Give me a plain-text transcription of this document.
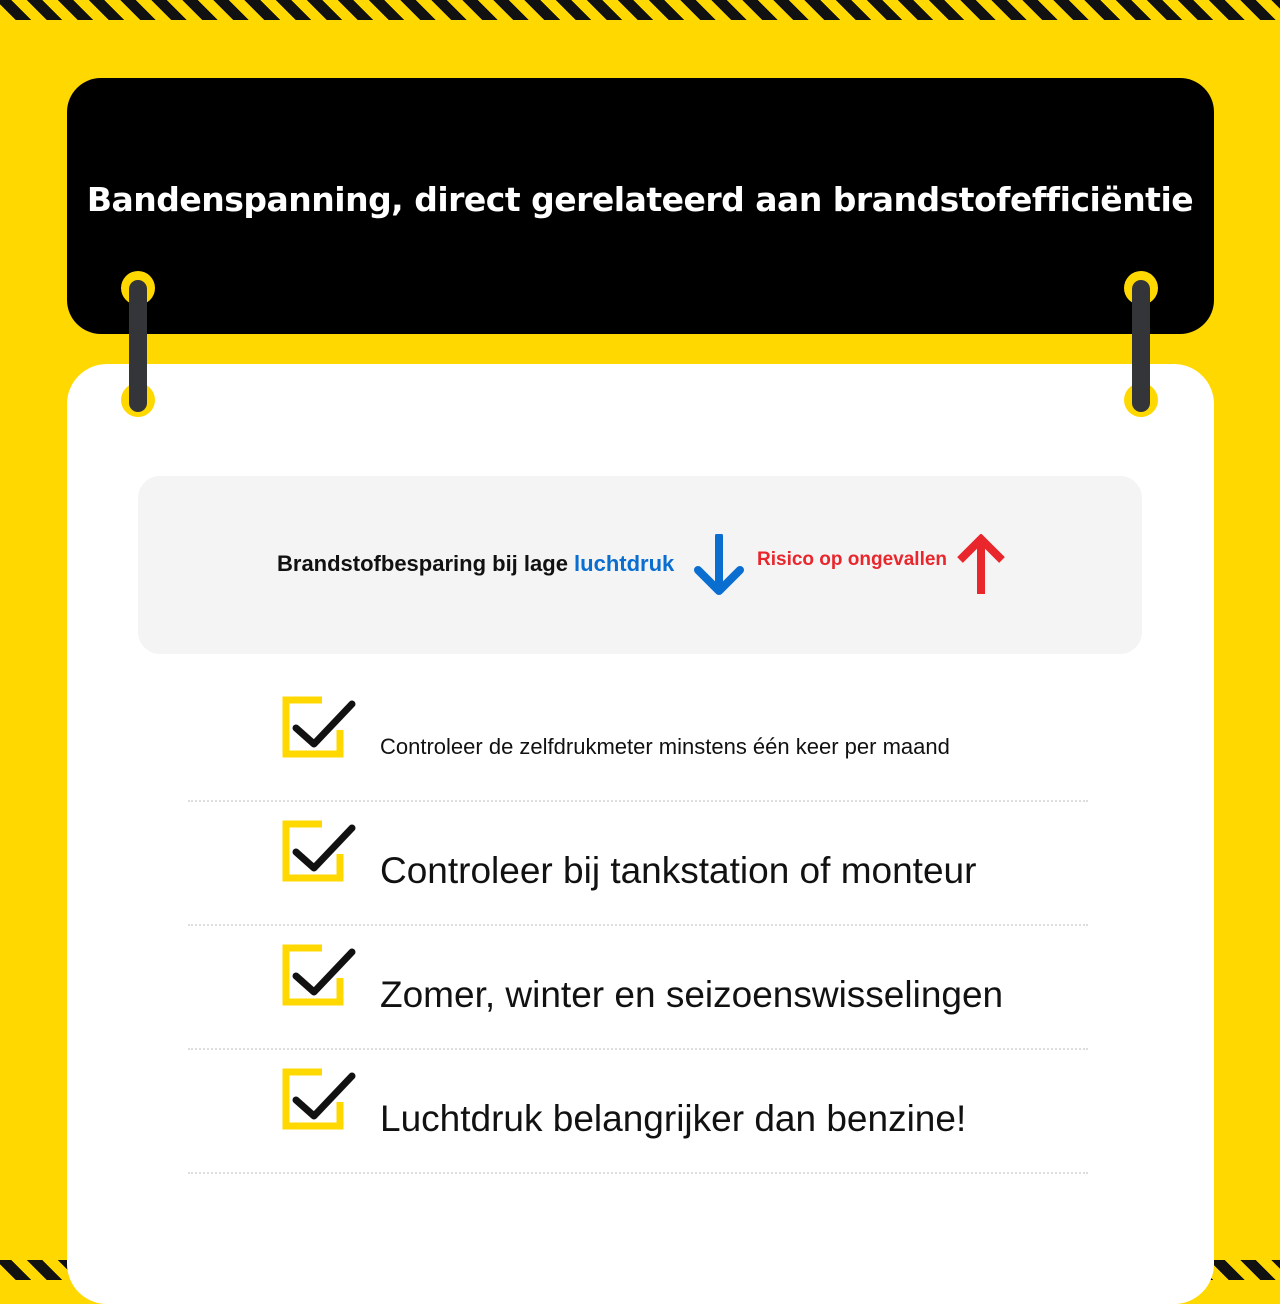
Bandenspanning, direct gerelateerd aan brandstofefficiëntie
Brandstofbesparing bij lage luchtdruk	Risico op ongevallen
Controleer de zelfdrukmeter minstens één keer per maand
Controleer bij tankstation of monteur
Zomer, winter en seizoenswisselingen
Luchtdruk belangrijker dan benzine!
